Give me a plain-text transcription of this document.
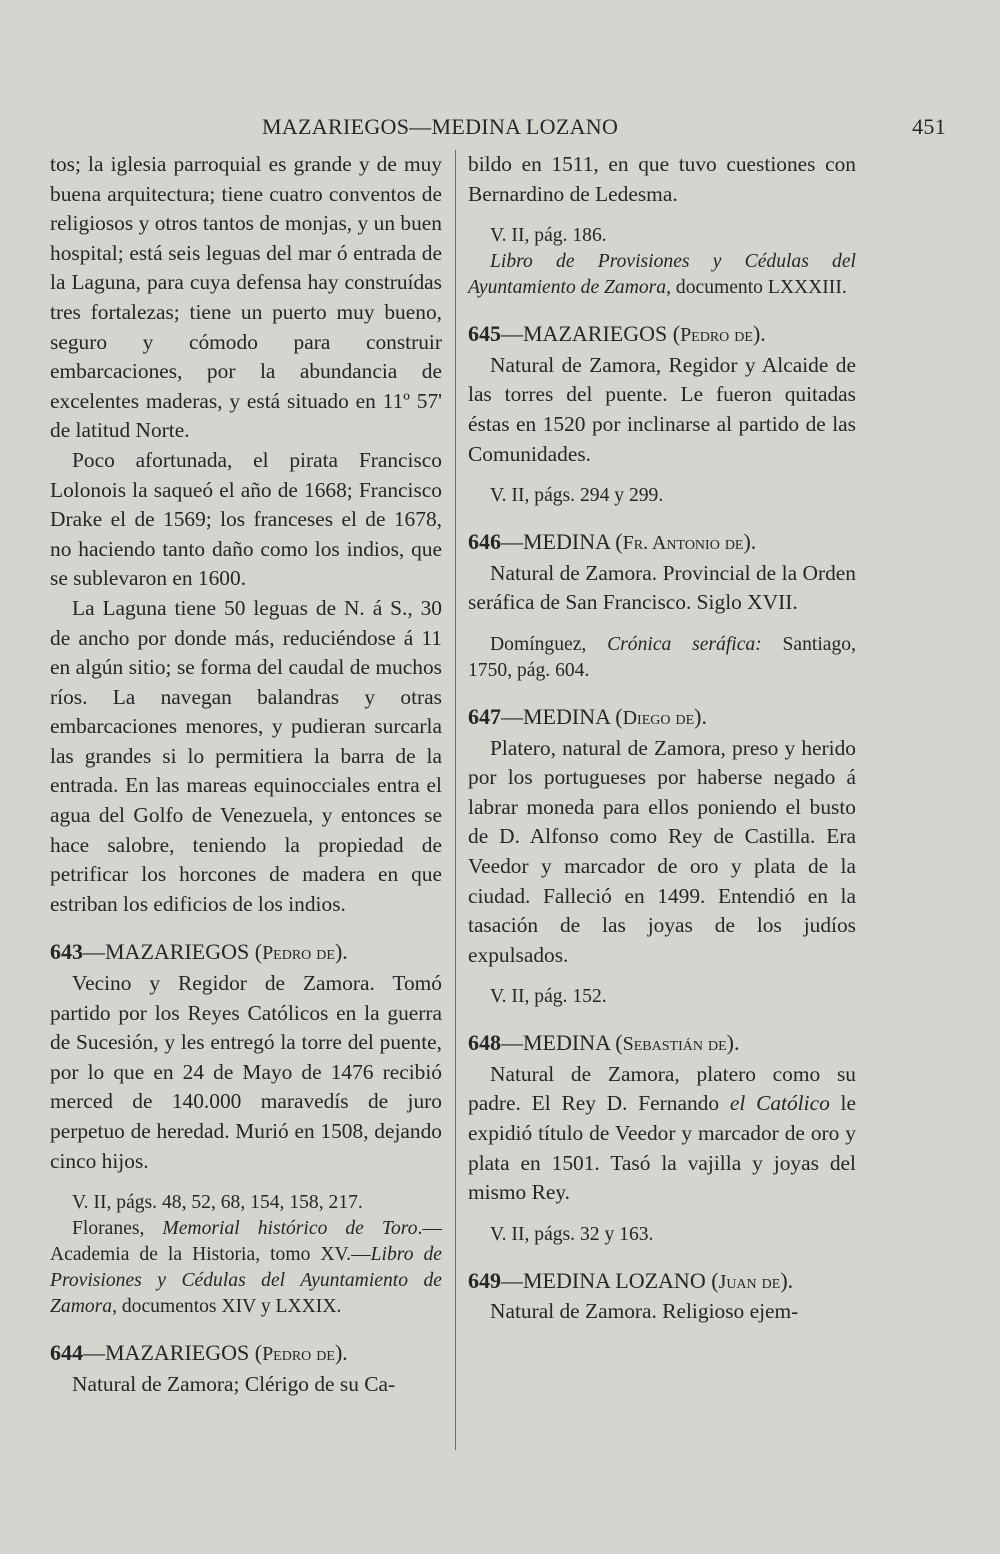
MAZARIEGOS—MEDINA LOZANO	451

tos; la iglesia parroquial es grande y de muy buena arquitectura; tiene cuatro conventos de religiosos y otros tantos de monjas, y un buen hospital; está seis leguas del mar ó entrada de la Laguna, para cuya defensa hay construídas tres fortalezas; tiene un puerto muy bueno, seguro y cómodo para construir embarcaciones, por la abundancia de excelentes maderas, y está situado en 11º 57' de latitud Norte.

Poco afortunada, el pirata Francisco Lolonois la saqueó el año de 1668; Francisco Drake el de 1569; los franceses el de 1678, no haciendo tanto daño como los indios, que se sublevaron en 1600.

La Laguna tiene 50 leguas de N. á S., 30 de ancho por donde más, reduciéndose á 11 en algún sitio; se forma del caudal de muchos ríos. La navegan balandras y otras embarcaciones menores, y pudieran surcarla las grandes si lo permitiera la barra de la entrada. En las mareas equinocciales entra el agua del Golfo de Venezuela, y entonces se hace salobre, teniendo la propiedad de petrificar los horcones de madera en que estriban los edificios de los indios.

643—MAZARIEGOS (Pedro de).

Vecino y Regidor de Zamora. Tomó partido por los Reyes Católicos en la guerra de Sucesión, y les entregó la torre del puente, por lo que en 24 de Mayo de 1476 recibió merced de 140.000 maravedís de juro perpetuo de heredad. Murió en 1508, dejando cinco hijos.

V. II, págs. 48, 52, 68, 154, 158, 217.

Floranes, Memorial histórico de Toro.— Academia de la Historia, tomo XV.—Libro de Provisiones y Cédulas del Ayuntamiento de Zamora, documentos XIV y LXXIX.

644—MAZARIEGOS (Pedro de).

Natural de Zamora; Clérigo de su Ca-

bildo en 1511, en que tuvo cuestiones con Bernardino de Ledesma.

V. II, pág. 186.

Libro de Provisiones y Cédulas del Ayuntamiento de Zamora, documento LXXXIII.

645—MAZARIEGOS (Pedro de).

Natural de Zamora, Regidor y Alcaide de las torres del puente. Le fueron quitadas éstas en 1520 por inclinarse al partido de las Comunidades.

V. II, págs. 294 y 299.

646—MEDINA (Fr. Antonio de).

Natural de Zamora. Provincial de la Orden seráfica de San Francisco. Siglo XVII.

Domínguez, Crónica seráfica: Santiago, 1750, pág. 604.

647—MEDINA (Diego de).

Platero, natural de Zamora, preso y herido por los portugueses por haberse negado á labrar moneda para ellos poniendo el busto de D. Alfonso como Rey de Castilla. Era Veedor y marcador de oro y plata de la ciudad. Falleció en 1499. Entendió en la tasación de las joyas de los judíos expulsados.

V. II, pág. 152.

648—MEDINA (Sebastián de).

Natural de Zamora, platero como su padre. El Rey D. Fernando el Católico le expidió título de Veedor y marcador de oro y plata en 1501. Tasó la vajilla y joyas del mismo Rey.

V. II, págs. 32 y 163.

649—MEDINA LOZANO (Juan de).

Natural de Zamora. Religioso ejem-
